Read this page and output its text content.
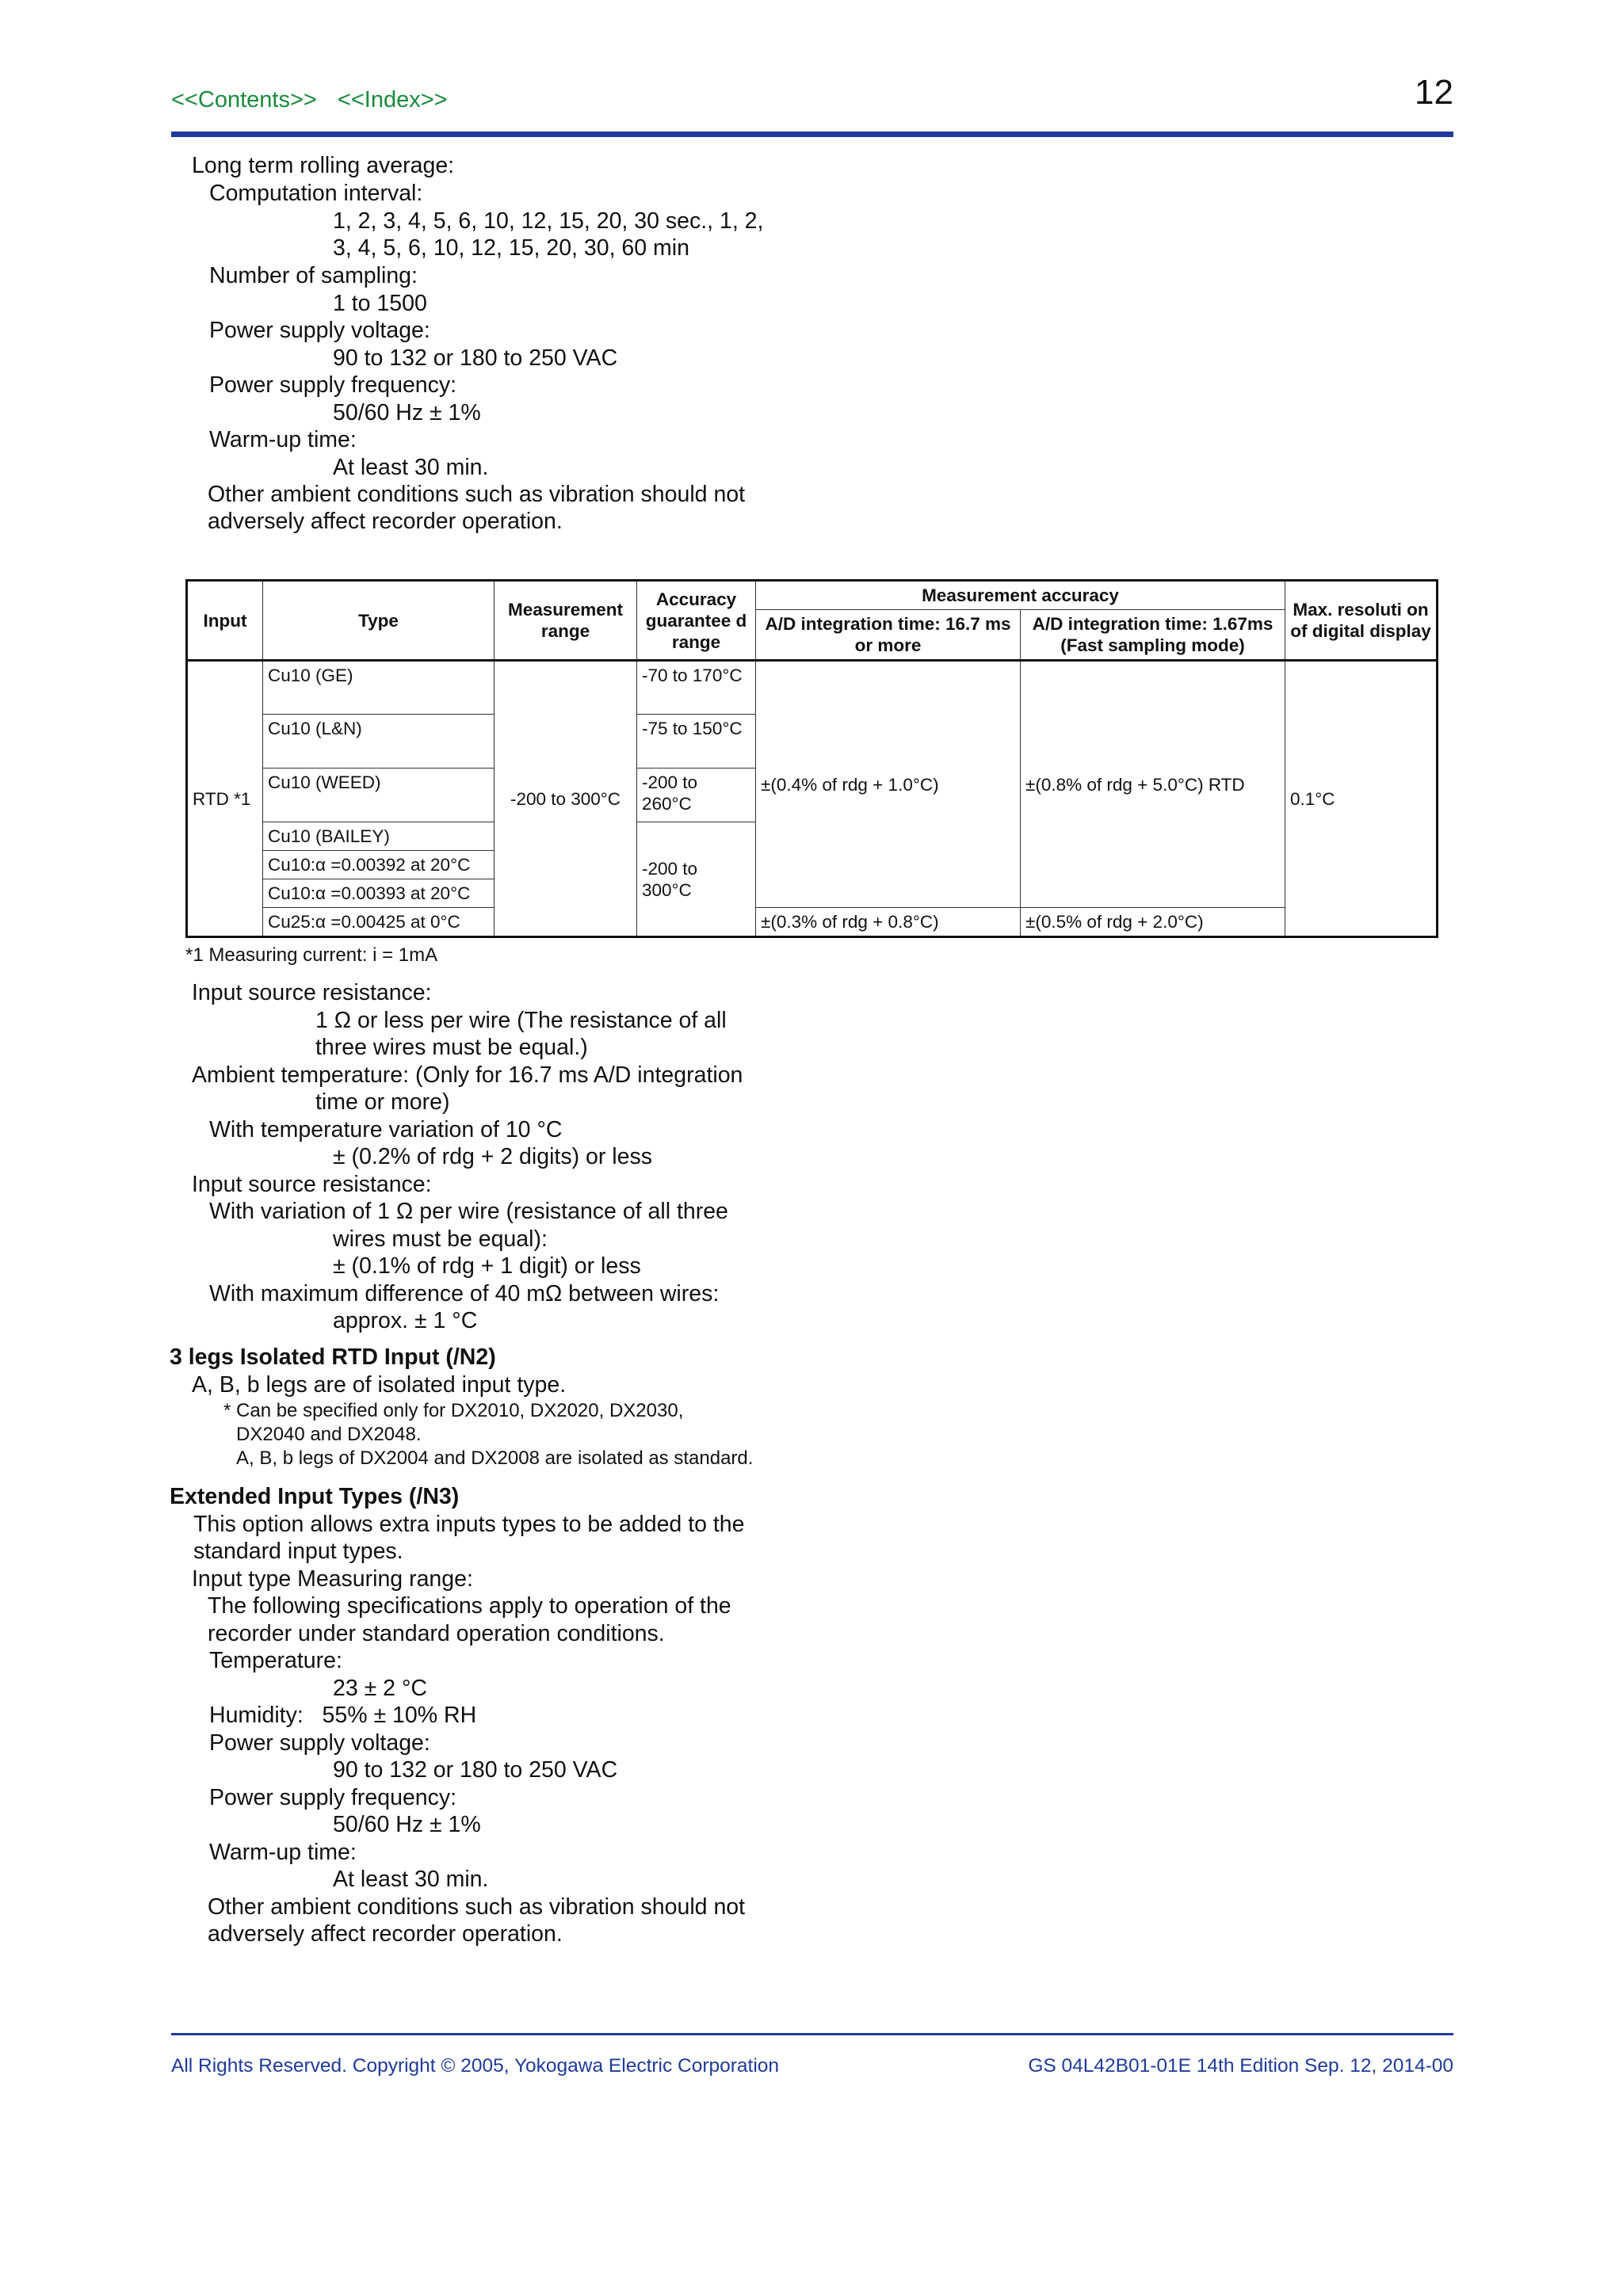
<<Contents>> <<Index>>	12
Long term rolling average:
Computation interval:
1, 2, 3, 4, 5, 6, 10, 12, 15, 20, 30 sec., 1, 2,
3, 4, 5, 6, 10, 12, 15, 20, 30, 60 min
Number of sampling:
1 to 1500
Power supply voltage:
90 to 132 or 180 to 250 VAC
Power supply frequency:
50/60 Hz ± 1%
Warm-up time:
At least 30 min.
Other ambient conditions such as vibration should not
adversely affect recorder operation.
Input	Type	Measurement range	Accuracy guarantee d range	Measurement accuracy		Max. resoluti on of digital display
				A/D integration time: 16.7 ms or more	A/D integration time: 1.67ms (Fast sampling mode)	
RTD *1	Cu10 (GE)	-200 to 300°C	-70 to 170°C	±(0.4% of rdg + 1.0°C)	±(0.8% of rdg + 5.0°C) RTD	0.1°C
	Cu10 (L&N)		-75 to 150°C			
	Cu10 (WEED)		-200 to 260°C			
	Cu10 (BAILEY)		-200 to 300°C			
	Cu10:α =0.00392 at 20°C					
	Cu10:α =0.00393 at 20°C					
	Cu25:α =0.00425 at 0°C			±(0.3% of rdg + 0.8°C)	±(0.5% of rdg + 2.0°C)	
*1 Measuring current: i = 1mA
Input source resistance:
1 Ω or less per wire (The resistance of all
three wires must be equal.)
Ambient temperature: (Only for 16.7 ms A/D integration
time or more)
With temperature variation of 10 °C
± (0.2% of rdg + 2 digits) or less
Input source resistance:
With variation of 1 Ω per wire (resistance of all three
wires must be equal):
± (0.1% of rdg + 1 digit) or less
With maximum difference of 40 mΩ between wires:
approx. ± 1 °C
3 legs Isolated RTD Input (/N2)
A, B, b legs are of isolated input type.
* Can be specified only for DX2010, DX2020, DX2030,
DX2040 and DX2048.
A, B, b legs of DX2004 and DX2008 are isolated as standard.
Extended Input Types (/N3)
This option allows extra inputs types to be added to the
standard input types.
Input type Measuring range:
The following specifications apply to operation of the
recorder under standard operation conditions.
Temperature:
23 ± 2 °C
Humidity:   55% ± 10% RH
Power supply voltage:
90 to 132 or 180 to 250 VAC
Power supply frequency:
50/60 Hz ± 1%
Warm-up time:
At least 30 min.
Other ambient conditions such as vibration should not
adversely affect recorder operation.
All Rights Reserved. Copyright © 2005, Yokogawa Electric Corporation	GS 04L42B01-01E 14th Edition Sep. 12, 2014-00
